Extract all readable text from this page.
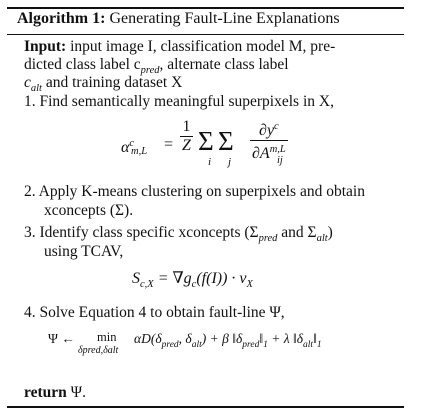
Algorithm 1: Generating Fault-Line Explanations
Input: input image I, classification model M, pre-
dicted class label $c_{pred}$, alternate class label
$c_{alt}$ and training dataset X
1. Find semantically meaningful superpixels in X,
$\alpha^c$
$m,L = \frac{1}{Z}$ Σ Σ
i j $\frac{\partial y^c}{\partial A^{m,L}}$
ij
2. Apply K-means clustering on superpixels and obtain
xconcepts (Σ).
3. Identify class specific xconcepts ($\Sigma_{pred}$ and $\Sigma_{alt}$)
using TCAV,
$S_{c,X} = \nabla g_c(f(I)) \cdot v_X$
4. Solve Equation 4 to obtain fault-line Ψ,
Ψ ← min
δpred,δalt
$\alpha D(\delta_{pred}$, $\delta_{alt}) + \beta$ $‖\delta_{pred}‖_1 + \lambda$ $‖\delta_{alt}‖_1$
return Ψ.
